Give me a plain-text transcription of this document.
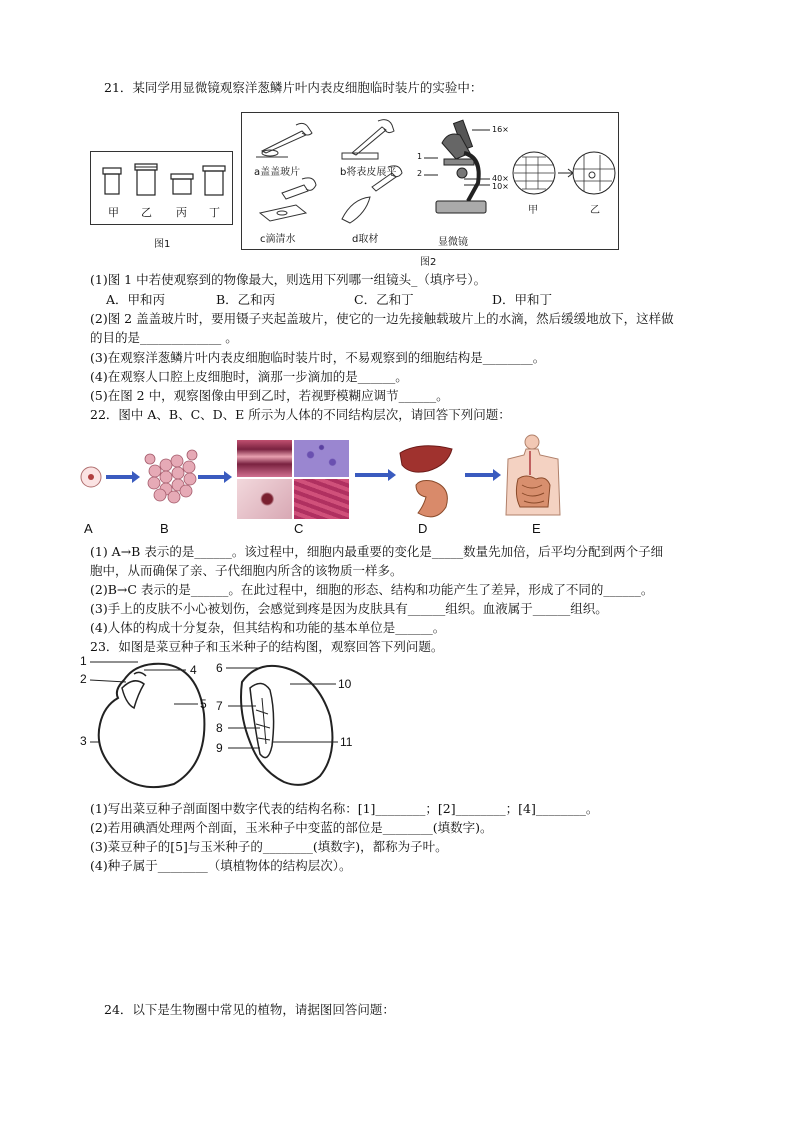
21．某同学用显微镜观察洋葱鳞片叶内表皮细胞临时装片的实验中：
甲 乙 丙 丁
图1
a盖盖玻片	b将表皮展平
c滴清水	d取材	显微镜
16×
40×
10×
1
2
甲	乙
图2
(1)图 1 中若使观察到的物像最大，则选用下列哪一组镜头_（填序号）。
A．甲和丙	B．乙和丙	C．乙和丁	D．甲和丁
(2)图 2 盖盖玻片时，要用镊子夹起盖玻片，使它的一边先接触载玻片上的水滴，然后缓缓地放下，这样做
的目的是_____________ 。
(3)在观察洋葱鳞片叶内表皮细胞临时装片时，不易观察到的细胞结构是________。
(4)在观察人口腔上皮细胞时，滴那一步滴加的是______。
(5)在图 2 中，观察图像由甲到乙时，若视野模糊应调节______。
22．图中 A、B、C、D、E 所示为人体的不同结构层次，请回答下列问题：
A	B	C	D	E
(1) A→B 表示的是______。该过程中，细胞内最重要的变化是_____数量先加倍，后平均分配到两个子细
胞中，从而确保了亲、子代细胞内所含的该物质一样多。
(2)B→C 表示的是______。在此过程中，细胞的形态、结构和功能产生了差异，形成了不同的______。
(3)手上的皮肤不小心被划伤，会感觉到疼是因为皮肤具有______组织。血液属于______组织。
(4)人体的构成十分复杂，但其结构和功能的基本单位是______。
23．如图是菜豆种子和玉米种子的结构图，观察回答下列问题。
1
2
3
4
5
6
7
8
9
10
11
(1)写出菜豆种子剖面图中数字代表的结构名称：[1]________；[2]________；[4]________。
(2)若用碘酒处理两个剖面，玉米种子中变蓝的部位是________(填数字)。
(3)菜豆种子的[5]与玉米种子的________(填数字)，都称为子叶。
(4)种子属于________（填植物体的结构层次）。
24．以下是生物圈中常见的植物，请据图回答问题：
